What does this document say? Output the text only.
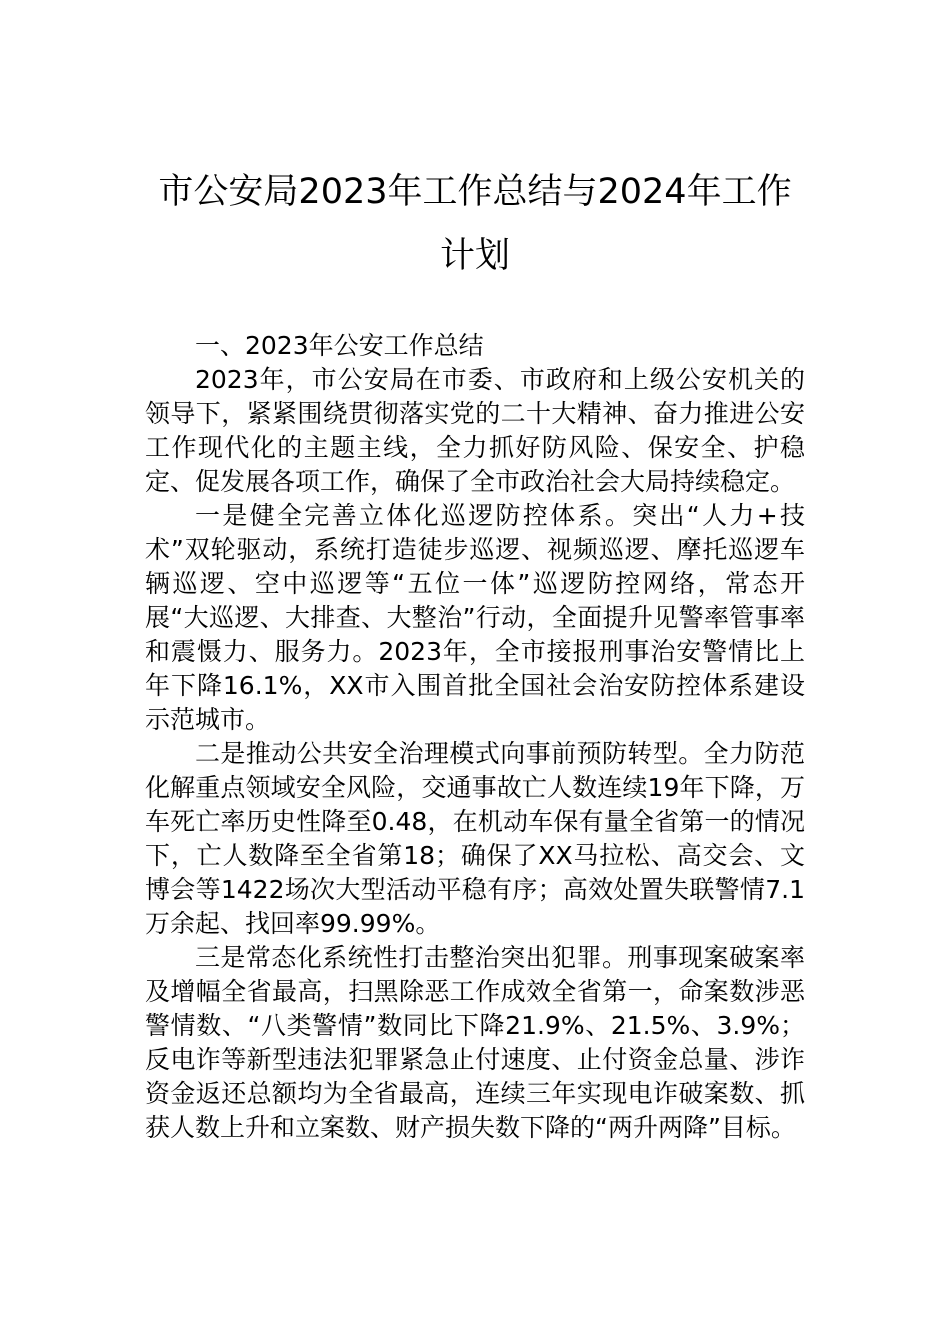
市公安局2023年工作总结与2024年工作计划

一、2023年公安工作总结

2023年，市公安局在市委、市政府和上级公安机关的领导下，紧紧围绕贯彻落实党的二十大精神、奋力推进公安工作现代化的主题主线，全力抓好防风险、保安全、护稳定、促发展各项工作，确保了全市政治社会大局持续稳定。

一是健全完善立体化巡逻防控体系。突出“人力+技术”双轮驱动，系统打造徒步巡逻、视频巡逻、摩托巡逻车辆巡逻、空中巡逻等“五位一体”巡逻防控网络，常态开展“大巡逻、大排查、大整治”行动，全面提升见警率管事率和震慑力、服务力。2023年，全市接报刑事治安警情比上年下降16.1%，XX市入围首批全国社会治安防控体系建设示范城市。

二是推动公共安全治理模式向事前预防转型。全力防范化解重点领域安全风险，交通事故亡人数连续19年下降，万车死亡率历史性降至0.48，在机动车保有量全省第一的情况下，亡人数降至全省第18；确保了XX马拉松、高交会、文博会等1422场次大型活动平稳有序；高效处置失联警情7.1万余起、找回率99.99%。

三是常态化系统性打击整治突出犯罪。刑事现案破案率及增幅全省最高，扫黑除恶工作成效全省第一，命案数涉恶警情数、“八类警情”数同比下降21.9%、21.5%、3.9%；反电诈等新型违法犯罪紧急止付速度、止付资金总量、涉诈资金返还总额均为全省最高，连续三年实现电诈破案数、抓获人数上升和立案数、财产损失数下降的“两升两降”目标。
